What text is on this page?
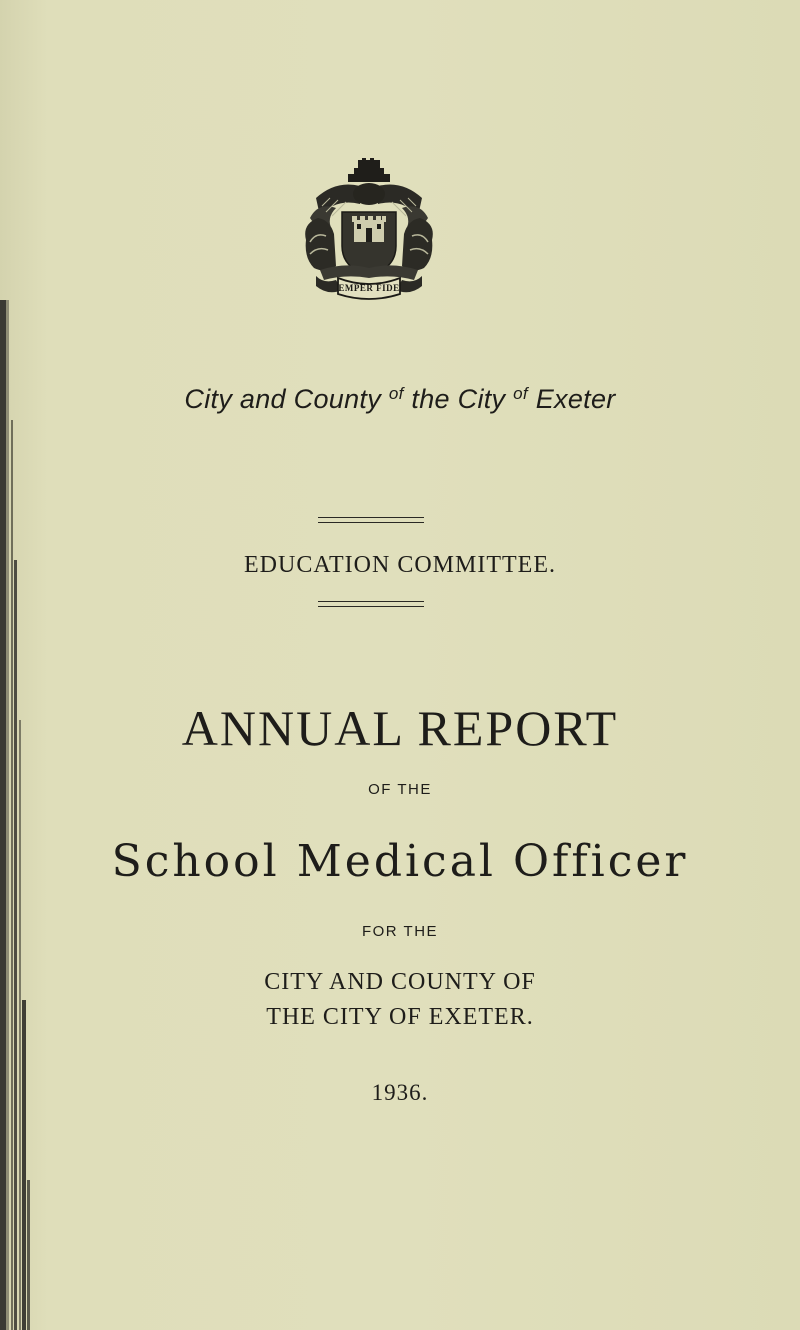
EMPER FIDE
City and County $^{of}$ the City $^{of}$ Exeter
EDUCATION COMMITTEE.
ANNUAL REPORT
OF THE
School Medical Officer
FOR THE
CITY AND COUNTY OF
THE CITY OF EXETER.
1936.
